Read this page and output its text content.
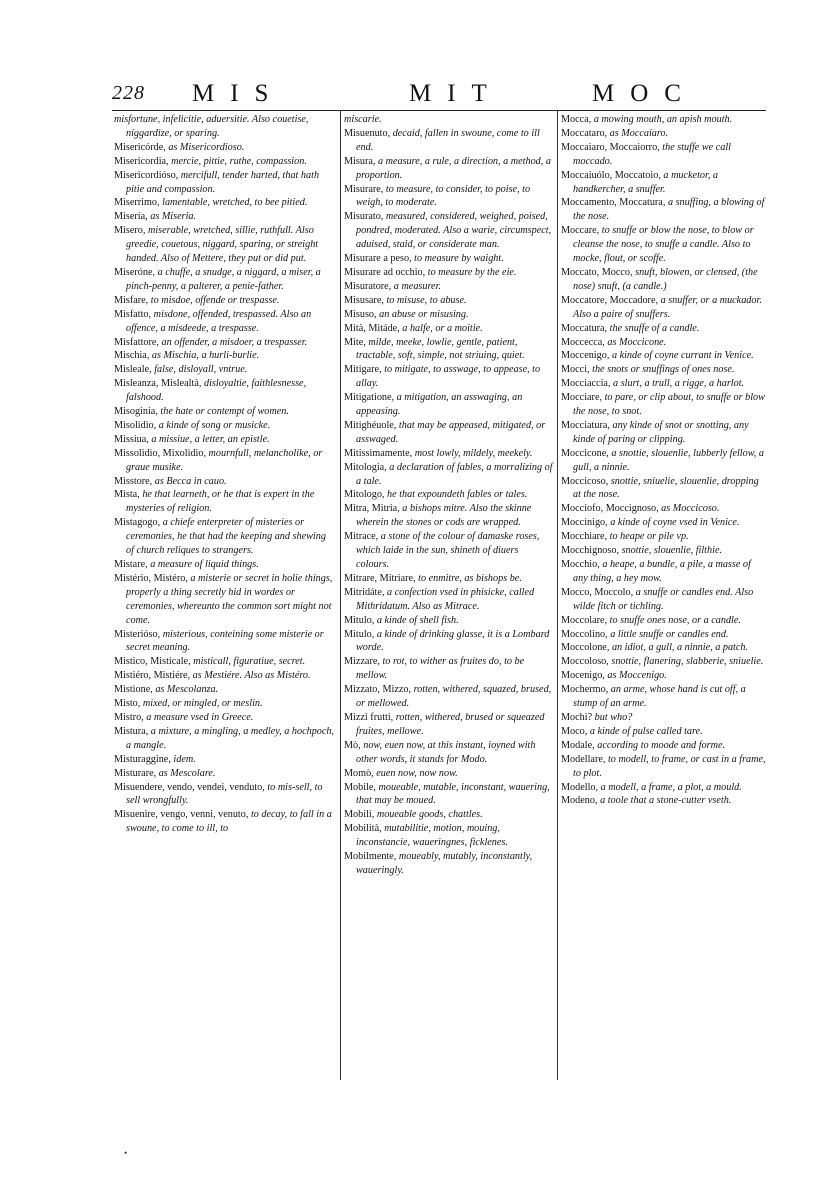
228 MIS	MIT	MOC
misfortune, infelicitie, aduersitie. Also couetise, niggardize, or sparing.
Misericórde, as Misericordioso.
Misericordia, mercie, pittie, ruthe, compassion.
Misericordióso, mercifull, tender harted, that hath pitie and compassion.
Miserrimo, lamentable, wretched, to bee pitied.
Misería, as Miseria.
Misero, miserable, wretched, sillie, ruthfull. Also greedie, couetous, niggard, sparing, or streight handed. Also of Mettere, they put or did put.
Miseróne, a chuffe, a snudge, a niggard, a miser, a pinch-penny, a palterer, a penie-father.
Misfare, to misdoe, offende or trespasse.
Misfatto, misdone, offended, trespassed. Also an offence, a misdeede, a trespasse.
Misfattore, an offender, a misdoer, a trespasser.
Mischia, as Mischia, a hurli-burlie.
Misleale, false, disloyall, vntrue.
Misleanza, Mislealtà, disloyaltie, faithlesnesse, falshood.
Misoginia, the hate or contempt of women.
Misolidio, a kinde of song or musicke.
Missiua, a missiue, a letter, an epistle.
Missolidio, Mixolidio, mournfull, melancholike, or graue musike.
Misstore, as Becca in cauo.
Mista, he that learneth, or he that is expert in the mysteries of religion.
Mistagogo, a chiefe enterpreter of misteries or ceremonies, he that had the keeping and shewing of church reliques to strangers.
Mistare, a measure of liquid things.
Mistério, Mistéro, a misterie or secret in holie things, properly a thing secretly hid in wordes or ceremonies, whereunto the common sort might not come.
Misterióso, misterious, conteining some misterie or secret meaning.
Mistico, Misticale, misticall, figuratiue, secret.
Mistiéro, Mistiére, as Mestiére. Also as Mistéro.
Mistione, as Mescolanza.
Misto, mixed, or mingled, or meslin.
Mistro, a measure vsed in Greece.
Mistura, a mixture, a mingling, a medley, a hochpoch, a mangle.
Misturaggine, idem.
Misturare, as Mescolare.
Misuendere, vendo, vendei, venduto, to mis-sell, to sell wrongfully.
Misuenire, vengo, venni, venuto, to decay, to fall in a swoune, to come to ill, to
miscarie.
Misuenuto, decaid, fallen in swoune, come to ill end.
Misura, a measure, a rule, a direction, a method, a proportion.
Misurare, to measure, to consider, to poise, to weigh, to moderate.
Misurato, measured, considered, weighed, poised, pondred, moderated. Also a warie, circumspect, aduised, staid, or considerate man.
Misurare a peso, to measure by waight.
Misurare ad occhio, to measure by the eie.
Misuratore, a measurer.
Misusare, to misuse, to abuse.
Misuso, an abuse or misusing.
Mità, Mitáde, a halfe, or a moitie.
Mite, milde, meeke, lowlie, gentle, patient, tractable, soft, simple, not striuing, quiet.
Mitigare, to mitigate, to asswage, to appease, to allay.
Mitigatione, a mitigation, an asswaging, an appeasing.
Mitighéuole, that may be appeased, mitigated, or asswaged.
Mitissimamente, most lowly, mildely, meekely.
Mitologia, a declaration of fables, a morralizing of a tale.
Mitologo, he that expoundeth fables or tales.
Mitra, Mitria, a bishops mitre. Also the skinne wherein the stones or cods are wrapped.
Mitrace, a stone of the colour of damaske roses, which laide in the sun, shineth of diuers colours.
Mitrare, Mitriare, to enmitre, as bishops be.
Mitridáte, a confection vsed in phisicke, called Mithridatum. Also as Mitrace.
Mitulo, a kinde of shell fish.
Mitulo, a kinde of drinking glasse, it is a Lombard worde.
Mizzare, to rot, to wither as fruites do, to be mellow.
Mizzato, Mizzo, rotten, withered, squazed, brused, or mellowed.
Mizzi frutti, rotten, withered, brused or squeazed fruites, mellowe.
Mò, now, euen now, at this instant, ioyned with other words, it stands for Modo.
Momò, euen now, now now.
Mobile, moueable, mutable, inconstant, wauering, that may be moued.
Mobili, moueable goods, chattles.
Mobilità, mutabilitie, motion, mouing, inconstancie, waueringnes, ficklenes.
Mobilmente, moueably, mutably, inconstantly, waueringly.
Mocca, a mowing mouth, an apish mouth.
Moccataro, as Moccaiaro.
Moccaiaro, Moccaiorro, the stuffe we call moccado.
Moccaiuólo, Moccatoio, a mucketor, a handkercher, a snuffer.
Moccamento, Moccatura, a snuffing, a blowing of the nose.
Moccare, to snuffe or blow the nose, to blow or cleanse the nose, to snuffe a candle. Also to mocke, flout, or scoffe.
Moccato, Mocco, snuft, blowen, or clensed, (the nose) snuft, (a candle.)
Moccatore, Moccadore, a snuffer, or a muckador. Also a paire of snuffers.
Moccatura, the snuffe of a candle.
Moccecca, as Moccicone.
Moccenigo, a kinde of coyne currant in Venice.
Mocci, the snots or snuffings of ones nose.
Mocciaccia, a slurt, a trull, a rigge, a harlot.
Mocciare, to pare, or clip about, to snuffe or blow the nose, to snot.
Mocciatura, any kinde of snot or snotting, any kinde of paring or clipping.
Moccicone, a snottie, slouenlie, lubberly fellow, a gull, a ninnie.
Moccicoso, snottie, sniuelie, slouenlie, dropping at the nose.
Mocciofo, Moccignoso, as Moccicoso.
Moccinigo, a kinde of coyne vsed in Venice.
Mocchiare, to heape or pile vp.
Mocchignoso, snottie, slouenlie, filthie.
Mocchio, a heape, a bundle, a pile, a masse of any thing, a hey mow.
Mocco, Moccolo, a snuffe or candles end. Also wilde fitch or tichling.
Moccolare, to snuffe ones nose, or a candle.
Moccolino, a little snuffe or candles end.
Moccolone, an idiot, a gull, a ninnie, a patch.
Moccoloso, snottie, flanering, slabberie, sniuelie.
Mocenigo, as Moccenigo.
Mochermo, an arme, whose hand is cut off, a stump of an arme.
Mochi? but who?
Moco, a kinde of pulse called tare.
Modale, according to moode and forme.
Modellare, to modell, to frame, or cast in a frame, to plot.
Modello, a modell, a frame, a plot, a mould.
Modeno, a toole that a stone-cutter vseth.
•
